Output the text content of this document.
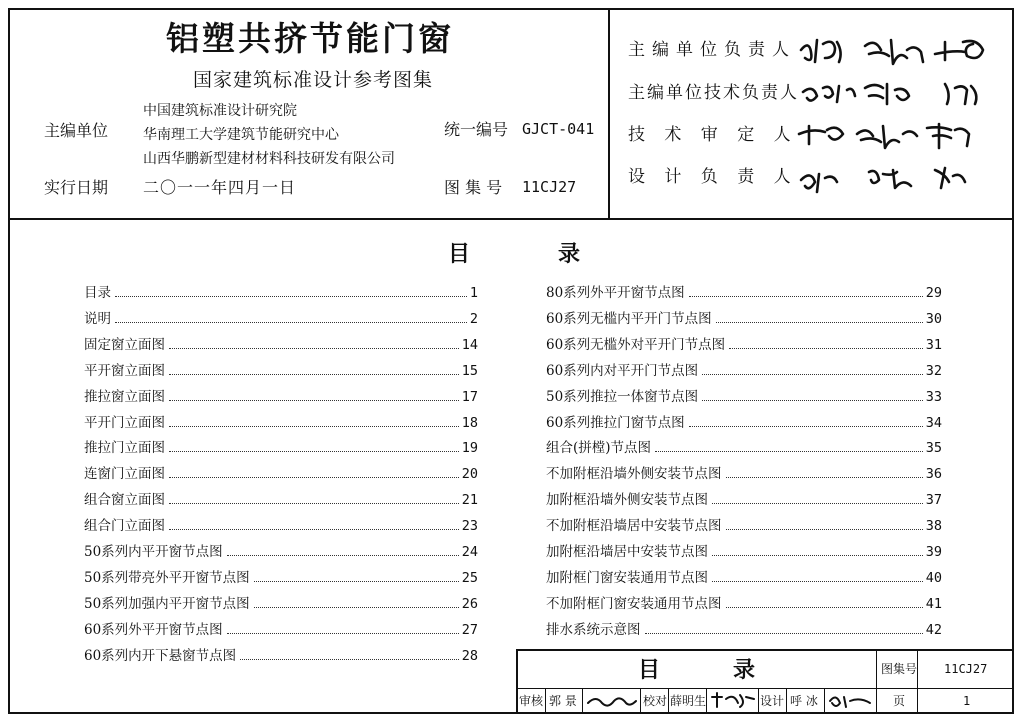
铝塑共挤节能门窗
国家建筑标准设计参考图集
主编单位
中国建筑标准设计研究院
华南理工大学建筑节能研究中心
山西华鹏新型建材材料科技研发有限公司
统一编号 GJCT-041
实行日期 二〇一一年四月一日	图 集 号 11CJ27
主编单位负责人
主编单位技术负责人
技 术 审 定 人
设 计 负 责 人
目	录
目录	1
说明	2
固定窗立面图	14
平开窗立面图	15
推拉窗立面图	17
平开门立面图	18
推拉门立面图	19
连窗门立面图	20
组合窗立面图	21
组合门立面图	23
50系列内平开窗节点图	24
50系列带亮外平开窗节点图	25
50系列加强内平开窗节点图	26
60系列外平开窗节点图	27
60系列内开下悬窗节点图	28
80系列外平开窗节点图	29
60系列无槛内平开门节点图	30
60系列无槛外对平开门节点图	31
60系列内对平开门节点图	32
50系列推拉一体窗节点图	33
60系列推拉门窗节点图	34
组合(拼樘)节点图	35
不加附框沿墙外侧安装节点图	36
加附框沿墙外侧安装节点图	37
不加附框沿墙居中安装节点图	38
加附框沿墙居中安装节点图	39
加附框门窗安装通用节点图	40
不加附框门窗安装通用节点图	41
排水系统示意图	42
目	录	图集号 11CJ27
审核 郭 景	校对 薛明生	设计 呼 冰	页	1
